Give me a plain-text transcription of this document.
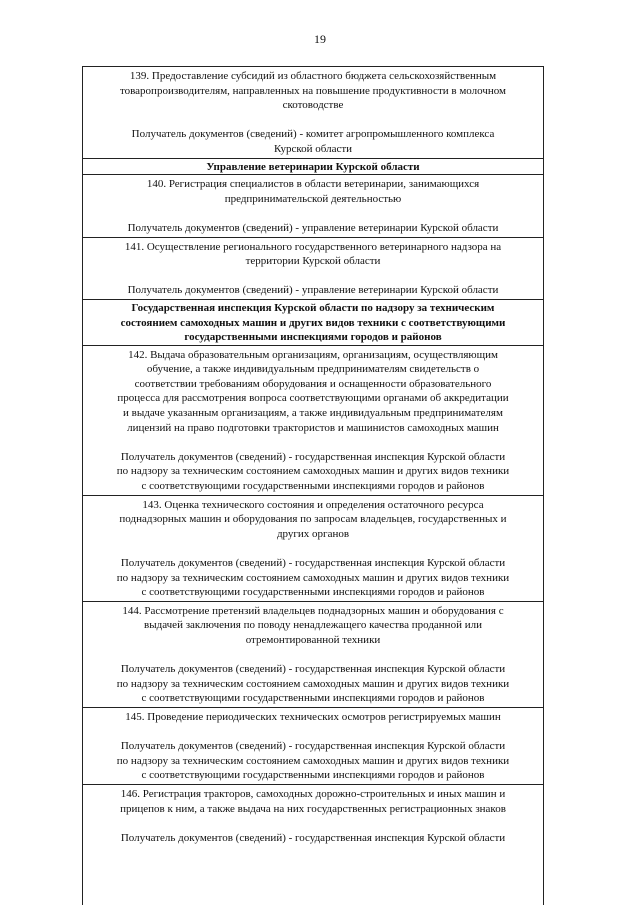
19
139. Предоставление субсидий из областного бюджета сельскохозяйственным
товаропроизводителям, направленных на повышение продуктивности в молочном
скотоводстве
Получатель документов (сведений) - комитет агропромышленного комплекса
Курской области
Управление ветеринарии Курской области
140. Регистрация специалистов в области ветеринарии, занимающихся
предпринимательской деятельностью
Получатель документов (сведений) - управление ветеринарии Курской области
141. Осуществление регионального государственного ветеринарного надзора на
территории Курской области
Получатель документов (сведений) - управление ветеринарии Курской области
Государственная инспекция Курской области по надзору за техническим
состоянием самоходных машин и других видов техники с соответствующими
государственными инспекциями городов и районов
142. Выдача образовательным организациям, организациям, осуществляющим
обучение, а также индивидуальным предпринимателям свидетельств о
соответствии требованиям оборудования и оснащенности образовательного
процесса для рассмотрения вопроса соответствующими органами об аккредитации
и выдаче указанным организациям, а также индивидуальным предпринимателям
лицензий на право подготовки трактористов и машинистов самоходных машин
Получатель документов (сведений) - государственная инспекция Курской области
по надзору за техническим состоянием самоходных машин и других видов техники
с соответствующими государственными инспекциями городов и районов
143. Оценка технического состояния и определения остаточного ресурса
поднадзорных машин и оборудования по запросам владельцев, государственных и
других органов
Получатель документов (сведений) - государственная инспекция Курской области
по надзору за техническим состоянием самоходных машин и других видов техники
с соответствующими государственными инспекциями городов и районов
144. Рассмотрение претензий владельцев поднадзорных машин и оборудования с
выдачей заключения по поводу ненадлежащего качества проданной или
отремонтированной техники
Получатель документов (сведений) - государственная инспекция Курской области
по надзору за техническим состоянием самоходных машин и других видов техники
с соответствующими государственными инспекциями городов и районов
145. Проведение периодических технических осмотров регистрируемых машин
Получатель документов (сведений) - государственная инспекция Курской области
по надзору за техническим состоянием самоходных машин и других видов техники
с соответствующими государственными инспекциями городов и районов
146. Регистрация тракторов, самоходных дорожно-строительных и иных машин и
прицепов к ним, а также выдача на них государственных регистрационных знаков
Получатель документов (сведений) - государственная инспекция Курской области
